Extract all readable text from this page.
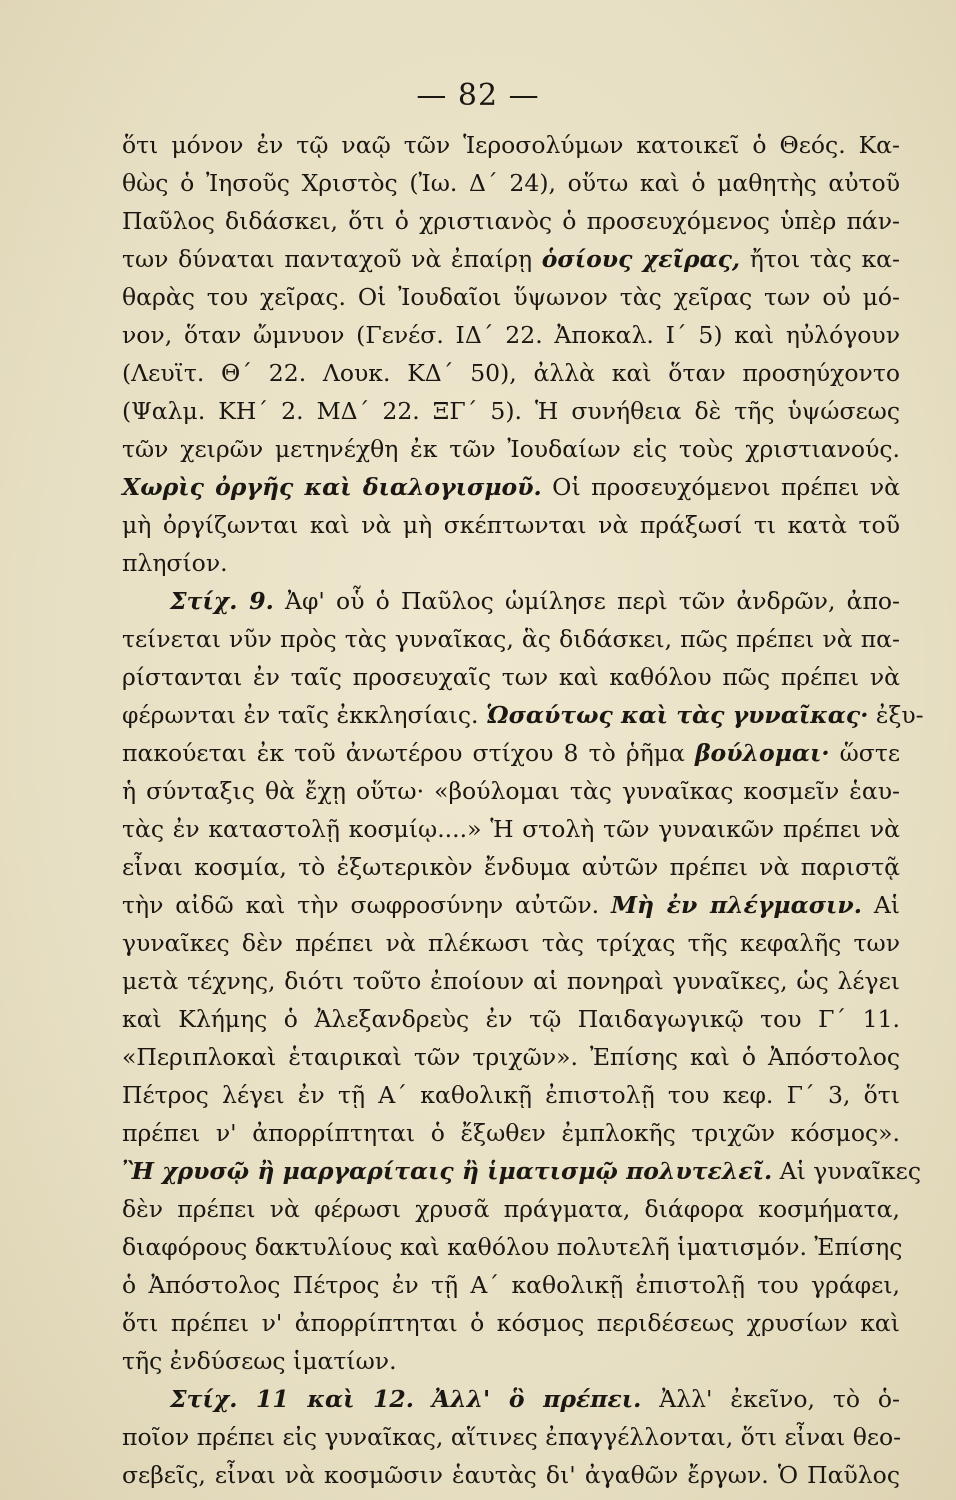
— 82 —
ὅτι μόνον ἐν τῷ ναῷ τῶν Ἱεροσολύμων κατοικεῖ ὁ Θεός. Κα-
θὼς ὁ Ἰησοῦς Χριστὸς (Ἰω. Δ΄ 24), οὕτω καὶ ὁ μαθητὴς αὐτοῦ
Παῦλος διδάσκει, ὅτι ὁ χριστιανὸς ὁ προσευχόμενος ὑπὲρ πάν-
των δύναται πανταχοῦ νὰ ἐπαίρῃ ὁσίους χεῖρας, ἤτοι τὰς κα-
θαρὰς του χεῖρας. Οἱ Ἰουδαῖοι ὕψωνον τὰς χεῖρας των οὐ μό-
νον, ὅταν ὤμνυον (Γενέσ. ΙΔ΄ 22. Ἀποκαλ. Ι΄ 5) καὶ ηὐλόγουν
(Λευϊτ. Θ΄ 22. Λουκ. ΚΔ΄ 50), ἀλλὰ καὶ ὅταν προσηύχοντο
(Ψαλμ. ΚΗ΄ 2. ΜΔ΄ 22. ΞΓ΄ 5). Ἡ συνήθεια δὲ τῆς ὑψώσεως
τῶν χειρῶν μετηνέχθη ἐκ τῶν Ἰουδαίων εἰς τοὺς χριστιανούς.
Χωρὶς ὀργῆς καὶ διαλογισμοῦ. Οἱ προσευχόμενοι πρέπει νὰ
μὴ ὀργίζωνται καὶ νὰ μὴ σκέπτωνται νὰ πράξωσί τι κατὰ τοῦ
πλησίον.
Στίχ. 9. Ἀφ' οὗ ὁ Παῦλος ὡμίλησε περὶ τῶν ἀνδρῶν, ἀπο-
τείνεται νῦν πρὸς τὰς γυναῖκας, ἃς διδάσκει, πῶς πρέπει νὰ πα-
ρίστανται ἐν ταῖς προσευχαῖς των καὶ καθόλου πῶς πρέπει νὰ
φέρωνται ἐν ταῖς ἐκκλησίαις. Ὡσαύτως καὶ τὰς γυναῖκας· ἐξυ-
πακούεται ἐκ τοῦ ἀνωτέρου στίχου 8 τὸ ῥῆμα βούλομαι· ὥστε
ἡ σύνταξις θὰ ἔχῃ οὕτω· «βούλομαι τὰς γυναῖκας κοσμεῖν ἑαυ-
τὰς ἐν καταστολῇ κοσμίῳ....» Ἡ στολὴ τῶν γυναικῶν πρέπει νὰ
εἶναι κοσμία, τὸ ἐξωτερικὸν ἔνδυμα αὐτῶν πρέπει νὰ παριστᾷ
τὴν αἰδῶ καὶ τὴν σωφροσύνην αὐτῶν. Μὴ ἐν πλέγμασιν. Αἱ
γυναῖκες δὲν πρέπει νὰ πλέκωσι τὰς τρίχας τῆς κεφαλῆς των
μετὰ τέχνης, διότι τοῦτο ἐποίουν αἱ πονηραὶ γυναῖκες, ὡς λέγει
καὶ Κλήμης ὁ Ἀλεξανδρεὺς ἐν τῷ Παιδαγωγικῷ του Γ΄ 11.
«Περιπλοκαὶ ἑταιρικαὶ τῶν τριχῶν». Ἐπίσης καὶ ὁ Ἀπόστολος
Πέτρος λέγει ἐν τῇ Α΄ καθολικῇ ἐπιστολῇ του κεφ. Γ΄ 3, ὅτι
πρέπει ν' ἀπορρίπτηται ὁ ἔξωθεν ἐμπλοκῆς τριχῶν κόσμος».
Ἢ χρυσῷ ἢ μαργαρίταις ἢ ἱματισμῷ πολυτελεῖ. Αἱ γυναῖκες
δὲν πρέπει νὰ φέρωσι χρυσᾶ πράγματα, διάφορα κοσμήματα,
διαφόρους δακτυλίους καὶ καθόλου πολυτελῆ ἱματισμόν. Ἐπίσης
ὁ Ἀπόστολος Πέτρος ἐν τῇ Α΄ καθολικῇ ἐπιστολῇ του γράφει,
ὅτι πρέπει ν' ἀπορρίπτηται ὁ κόσμος περιδέσεως χρυσίων καὶ
τῆς ἐνδύσεως ἱματίων.
Στίχ. 11 καὶ 12. Ἀλλ' ὃ πρέπει. Ἀλλ' ἐκεῖνο, τὸ ὁ-
ποῖον πρέπει εἰς γυναῖκας, αἵτινες ἐπαγγέλλονται, ὅτι εἶναι θεο-
σεβεῖς, εἶναι νὰ κοσμῶσιν ἑαυτὰς δι' ἀγαθῶν ἔργων. Ὁ Παῦλος
